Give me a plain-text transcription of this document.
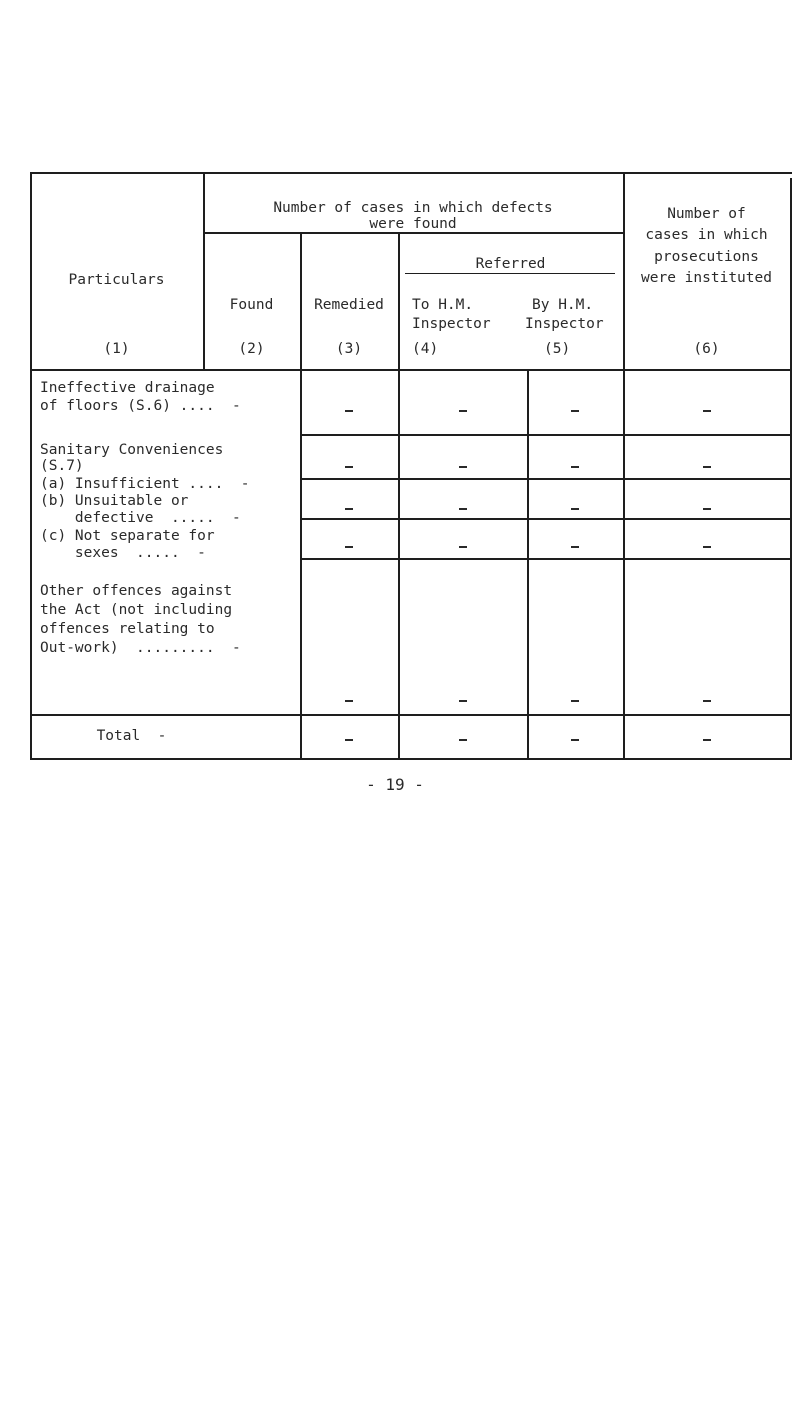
Number of cases in which defects
were found
Particulars
(1)
Found
(2)
Remedied
(3)
Referred
To H.M.
Inspector
(4)
By H.M.
Inspector
(5)
Number of
cases in which
prosecutions
were instituted
(6)
Ineffective drainage
of floors (S.6) ....  -
Sanitary Conveniences
(S.7)
(a) Insufficient ....  -
(b) Unsuitable or
defective  .....  -
(c) Not separate for
sexes  .....  -
Other offences against
the Act (not including
offences relating to
Out-work)  .........  -
Total  -
- 19 -
